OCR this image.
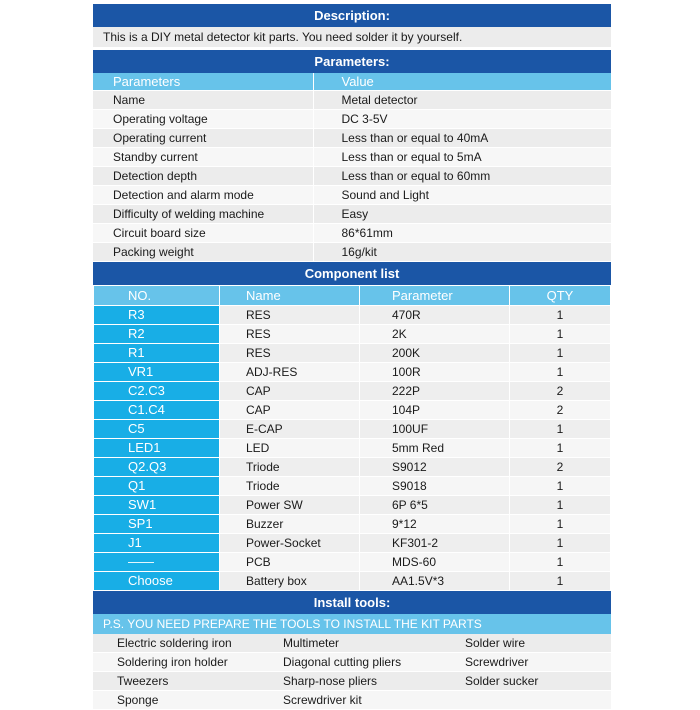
Description:
This is a DIY metal detector kit parts. You need solder it by yourself.
Parameters:
Parameters	Value
Name	Metal detector
Operating voltage	DC 3-5V
Operating current	Less than or equal to 40mA
Standby current	Less than or equal to 5mA
Detection depth	Less than or equal to 60mm
Detection and alarm mode	Sound and Light
Difficulty of welding machine	Easy
Circuit board size	86*61mm
Packing weight	16g/kit
Component list
NO.	Name	Parameter	QTY
R3	RES	470R	1
R2	RES	2K	1
R1	RES	200K	1
VR1	ADJ-RES	100R	1
C2.C3	CAP	222P	2
C1.C4	CAP	104P	2
C5	E-CAP	100UF	1
LED1	LED	5mm Red	1
Q2.Q3	Triode	S9012	2
Q1	Triode	S9018	1
SW1	Power SW	6P 6*5	1
SP1	Buzzer	9*12	1
J1	Power-Socket	KF301-2	1
——	PCB	MDS-60	1
Choose	Battery box	AA1.5V*3	1
Install tools:
P.S. YOU NEED PREPARE THE TOOLS TO INSTALL THE KIT PARTS
Electric soldering iron	Multimeter	Solder wire
Soldering iron holder	Diagonal cutting pliers	Screwdriver
Tweezers	Sharp-nose pliers	Solder sucker
Sponge	Screwdriver kit	
